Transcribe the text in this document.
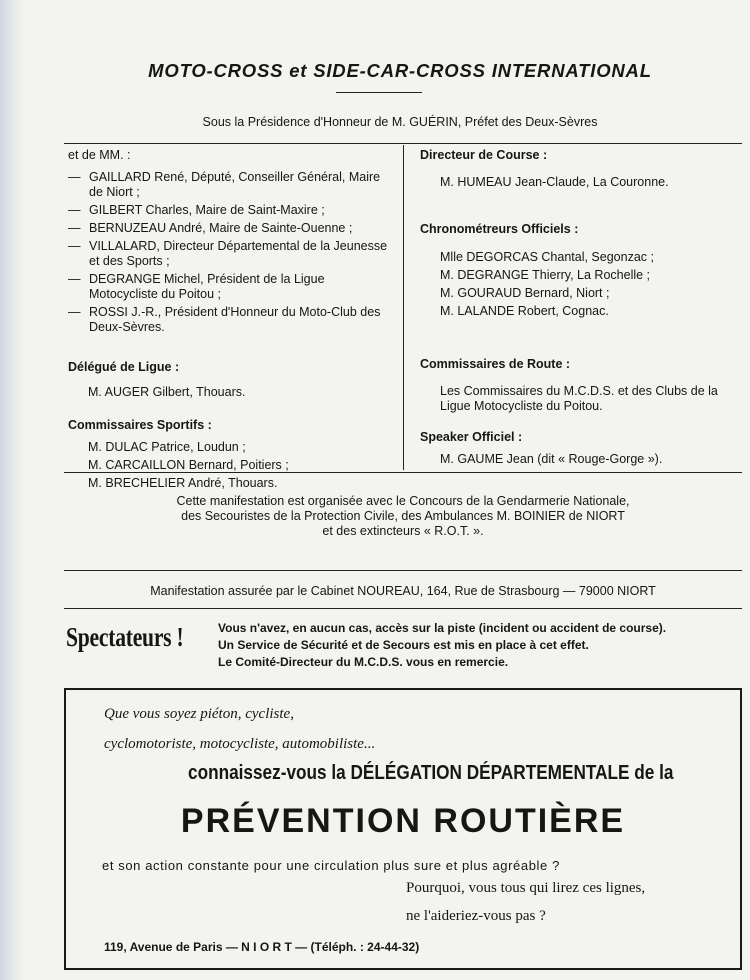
MOTO-CROSS et SIDE-CAR-CROSS INTERNATIONAL
Sous la Présidence d'Honneur de M. GUÉRIN, Préfet des Deux-Sèvres

et de MM. :

— GAILLARD René, Député, Conseiller Général, Maire de Niort ;
— GILBERT Charles, Maire de Saint-Maxire ;
— BERNUZEAU André, Maire de Sainte-Ouenne ;
— VILLALARD, Directeur Départemental de la Jeunesse et des Sports ;
— DEGRANGE Michel, Président de la Ligue Motocycliste du Poitou ;
— ROSSI J.-R., Président d'Honneur du Moto-Club des Deux-Sèvres.

Délégué de Ligue :

M. AUGER Gilbert, Thouars.

Commissaires Sportifs :

M. DULAC Patrice, Loudun ;
M. CARCAILLON Bernard, Poitiers ;
M. BRECHELIER André, Thouars.

Directeur de Course :

M. HUMEAU Jean-Claude, La Couronne.

Chronométreurs Officiels :

Mlle DEGORCAS Chantal, Segonzac ;
M. DEGRANGE Thierry, La Rochelle ;
M. GOURAUD Bernard, Niort ;
M. LALANDE Robert, Cognac.

Commissaires de Route :

Les Commissaires du M.C.D.S. et des Clubs de la Ligue Motocycliste du Poitou.

Speaker Officiel :

M. GAUME Jean (dit « Rouge-Gorge »).

Cette manifestation est organisée avec le Concours de la Gendarmerie Nationale,

des Secouristes de la Protection Civile, des Ambulances M. BOINIER de NIORT

et des extincteurs « R.O.T. ».

Manifestation assurée par le Cabinet NOUREAU, 164, Rue de Strasbourg — 79000 NIORT
Spectateurs !	Vous n'avez, en aucun cas, accès sur la piste (incident ou accident de course).

Un Service de Sécurité et de Secours est mis en place à cet effet.

Le Comité-Directeur du M.C.D.S. vous en remercie.

Que vous soyez piéton, cycliste,
cyclomotoriste, motocycliste, automobiliste...
connaissez-vous la DÉLÉGATION DÉPARTEMENTALE de la
PRÉVENTION ROUTIÈRE
et son action constante pour une circulation plus sure et plus agréable ?
Pourquoi, vous tous qui lirez ces lignes,
ne l'aideriez-vous pas ?
119, Avenue de Paris — N I O R T — (Téléph. : 24-44-32)
